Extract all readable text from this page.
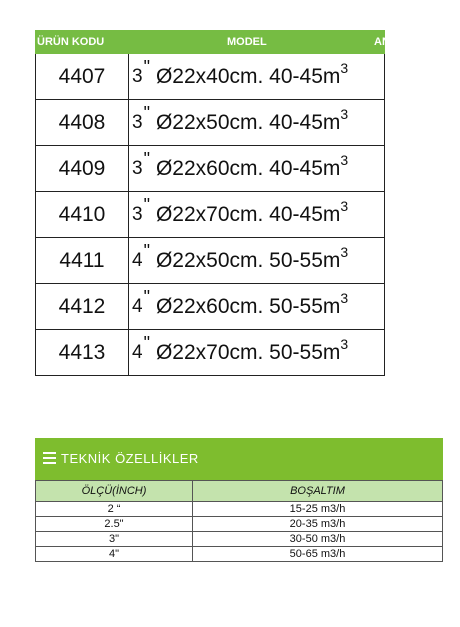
ÜRÜN KODU	MODEL	AN
4407	3 " Ø22x40cm. 40-45m 3
4408	3 " Ø22x50cm. 40-45m 3
4409	3 " Ø22x60cm. 40-45m 3
4410	3 " Ø22x70cm. 40-45m 3
4411	4 " Ø22x50cm. 50-55m 3
4412	4 " Ø22x60cm. 50-55m 3
4413	4 " Ø22x70cm. 50-55m 3
TEKNİK ÖZELLİKLER
ÖLÇÜ(İNCH)	BOŞALTIM
2 “	15-25 m3/h
2.5"	20-35 m3/h
3"	30-50 m3/h
4"	50-65 m3/h
